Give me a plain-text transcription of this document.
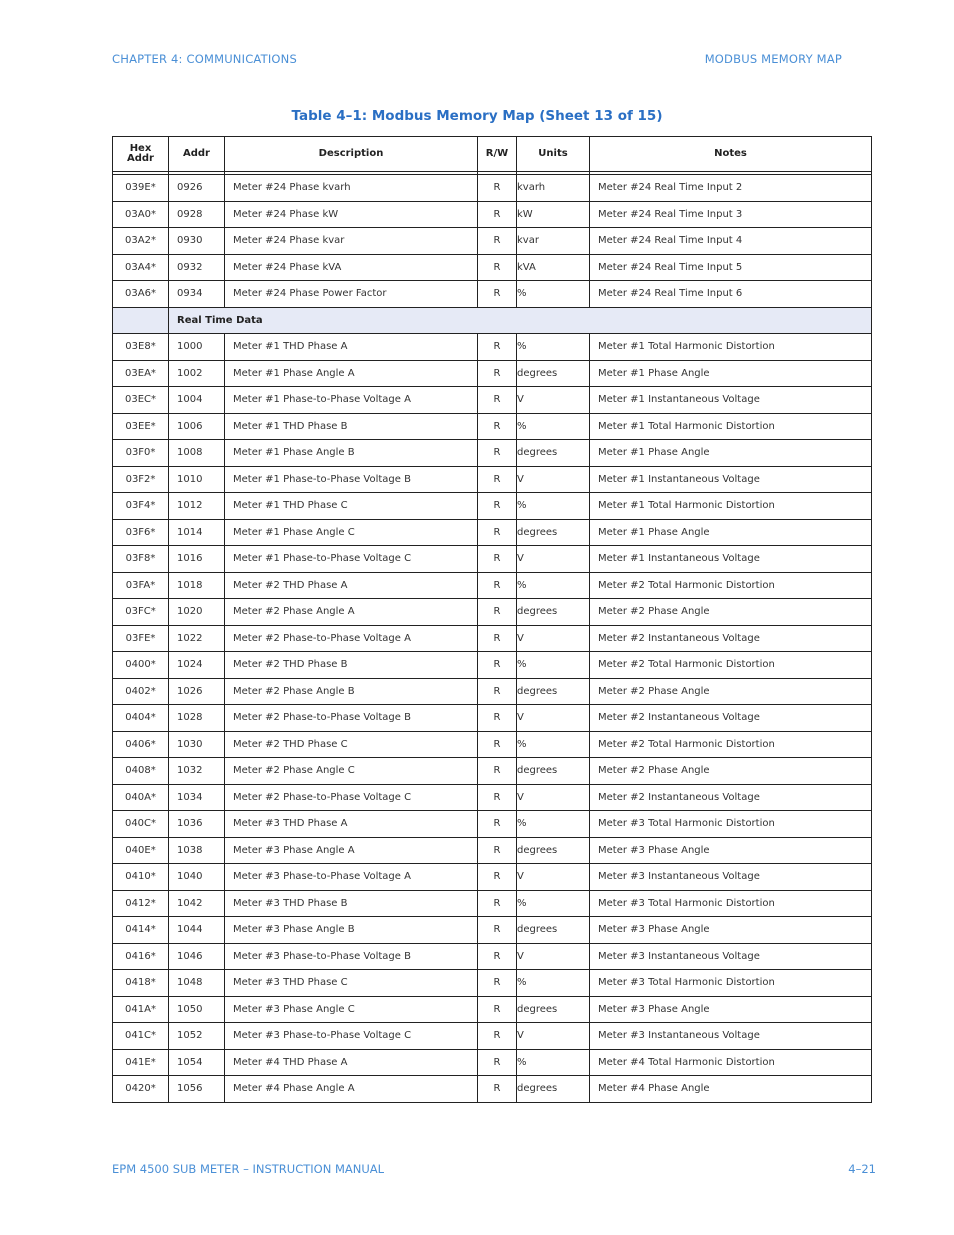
CHAPTER 4: COMMUNICATIONS	MODBUS MEMORY MAP
Table 4–1: Modbus Memory Map (Sheet 13 of 15)
Hex
Addr	Addr	Description	R/W	Units	Notes

039E*	0926	Meter #24 Phase kvarh	R	kvarh	Meter #24 Real Time Input 2
03A0*	0928	Meter #24 Phase kW	R	kW	Meter #24 Real Time Input 3
03A2*	0930	Meter #24 Phase kvar	R	kvar	Meter #24 Real Time Input 4
03A4*	0932	Meter #24 Phase kVA	R	kVA	Meter #24 Real Time Input 5
03A6*	0934	Meter #24 Phase Power Factor	R	%	Meter #24 Real Time Input 6
	Real Time Data				
03E8*	1000	Meter #1 THD Phase A	R	%	Meter #1 Total Harmonic Distortion
03EA*	1002	Meter #1 Phase Angle A	R	degrees	Meter #1 Phase Angle
03EC*	1004	Meter #1 Phase-to-Phase Voltage A	R	V	Meter #1 Instantaneous Voltage
03EE*	1006	Meter #1 THD Phase B	R	%	Meter #1 Total Harmonic Distortion
03F0*	1008	Meter #1 Phase Angle B	R	degrees	Meter #1 Phase Angle
03F2*	1010	Meter #1 Phase-to-Phase Voltage B	R	V	Meter #1 Instantaneous Voltage
03F4*	1012	Meter #1 THD Phase C	R	%	Meter #1 Total Harmonic Distortion
03F6*	1014	Meter #1 Phase Angle C	R	degrees	Meter #1 Phase Angle
03F8*	1016	Meter #1 Phase-to-Phase Voltage C	R	V	Meter #1 Instantaneous Voltage
03FA*	1018	Meter #2 THD Phase A	R	%	Meter #2 Total Harmonic Distortion
03FC*	1020	Meter #2 Phase Angle A	R	degrees	Meter #2 Phase Angle
03FE*	1022	Meter #2 Phase-to-Phase Voltage A	R	V	Meter #2 Instantaneous Voltage
0400*	1024	Meter #2 THD Phase B	R	%	Meter #2 Total Harmonic Distortion
0402*	1026	Meter #2 Phase Angle B	R	degrees	Meter #2 Phase Angle
0404*	1028	Meter #2 Phase-to-Phase Voltage B	R	V	Meter #2 Instantaneous Voltage
0406*	1030	Meter #2 THD Phase C	R	%	Meter #2 Total Harmonic Distortion
0408*	1032	Meter #2 Phase Angle C	R	degrees	Meter #2 Phase Angle
040A*	1034	Meter #2 Phase-to-Phase Voltage C	R	V	Meter #2 Instantaneous Voltage
040C*	1036	Meter #3 THD Phase A	R	%	Meter #3 Total Harmonic Distortion
040E*	1038	Meter #3 Phase Angle A	R	degrees	Meter #3 Phase Angle
0410*	1040	Meter #3 Phase-to-Phase Voltage A	R	V	Meter #3 Instantaneous Voltage
0412*	1042	Meter #3 THD Phase B	R	%	Meter #3 Total Harmonic Distortion
0414*	1044	Meter #3 Phase Angle B	R	degrees	Meter #3 Phase Angle
0416*	1046	Meter #3 Phase-to-Phase Voltage B	R	V	Meter #3 Instantaneous Voltage
0418*	1048	Meter #3 THD Phase C	R	%	Meter #3 Total Harmonic Distortion
041A*	1050	Meter #3 Phase Angle C	R	degrees	Meter #3 Phase Angle
041C*	1052	Meter #3 Phase-to-Phase Voltage C	R	V	Meter #3 Instantaneous Voltage
041E*	1054	Meter #4 THD Phase A	R	%	Meter #4 Total Harmonic Distortion
0420*	1056	Meter #4 Phase Angle A	R	degrees	Meter #4 Phase Angle
EPM 4500 SUB METER – INSTRUCTION MANUAL	4–21
